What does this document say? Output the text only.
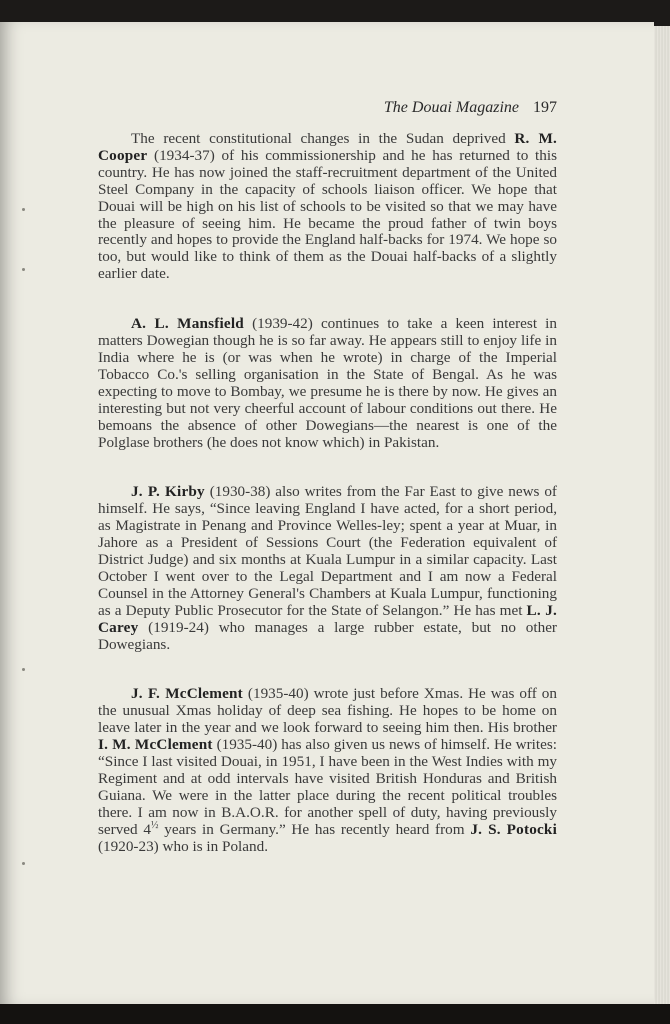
The Douai Magazine 197

The recent constitutional changes in the Sudan deprived R. M. Cooper (1934-37) of his commissionership and he has returned to this country. He has now joined the staff-recruitment department of the United Steel Company in the capacity of schools liaison officer. We hope that Douai will be high on his list of schools to be visited so that we may have the pleasure of seeing him. He became the proud father of twin boys recently and hopes to provide the England half-backs for 1974. We hope so too, but would like to think of them as the Douai half-backs of a slightly earlier date.

A. L. Mansfield (1939-42) continues to take a keen interest in matters Dowegian though he is so far away. He appears still to enjoy life in India where he is (or was when he wrote) in charge of the Imperial Tobacco Co.'s selling organisation in the State of Bengal. As he was expecting to move to Bombay, we presume he is there by now. He gives an interesting but not very cheerful account of labour conditions out there. He bemoans the absence of other Dowegians—the nearest is one of the Polglase brothers (he does not know which) in Pakistan.

J. P. Kirby (1930-38) also writes from the Far East to give news of himself. He says, “Since leaving England I have acted, for a short period, as Magistrate in Penang and Province Welles-ley; spent a year at Muar, in Jahore as a President of Sessions Court (the Federation equivalent of District Judge) and six months at Kuala Lumpur in a similar capacity. Last October I went over to the Legal Department and I am now a Federal Counsel in the Attorney General's Chambers at Kuala Lumpur, functioning as a Deputy Public Prosecutor for the State of Selangon.” He has met L. J. Carey (1919-24) who manages a large rubber estate, but no other Dowegians.

J. F. McClement (1935-40) wrote just before Xmas. He was off on the unusual Xmas holiday of deep sea fishing. He hopes to be home on leave later in the year and we look forward to seeing him then. His brother I. M. McClement (1935-40) has also given us news of himself. He writes: “Since I last visited Douai, in 1951, I have been in the West Indies with my Regiment and at odd intervals have visited British Honduras and British Guiana. We were in the latter place during the recent political troubles there. I am now in B.A.O.R. for another spell of duty, having previously served $4^{\frac{1}{2}}$ years in Germany.” He has recently heard from J. S. Potocki (1920-23) who is in Poland.
